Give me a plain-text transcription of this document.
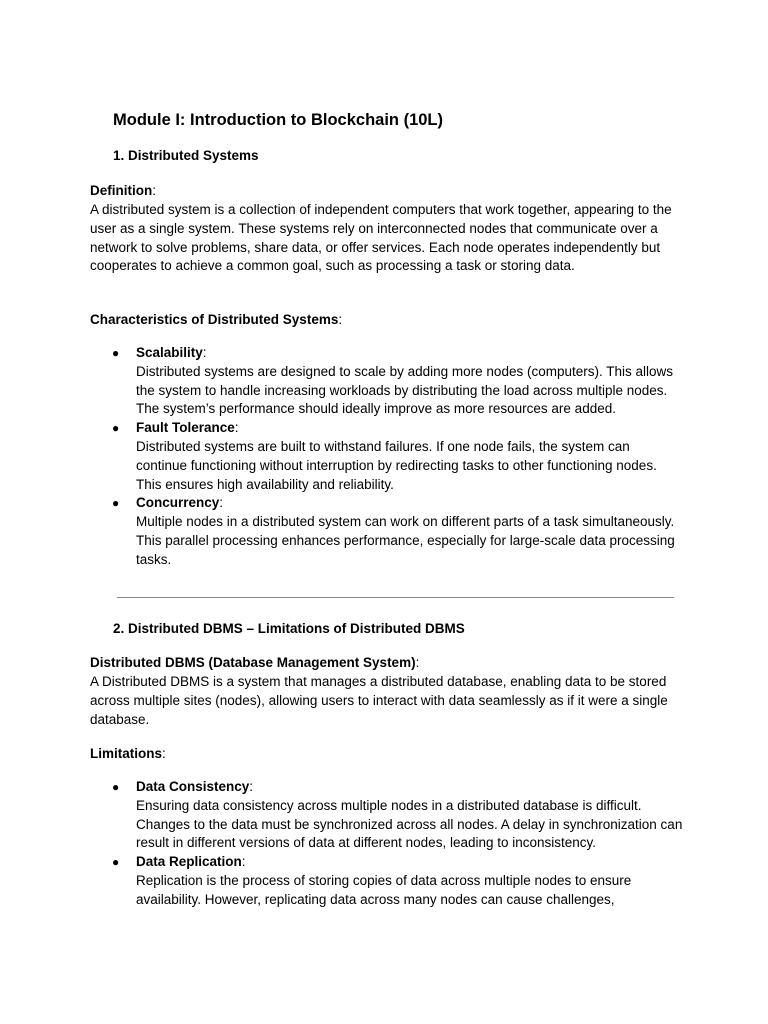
Module I: Introduction to Blockchain (10L)
1. Distributed Systems

Definition:

A distributed system is a collection of independent computers that work together, appearing to the user as a single system. These systems rely on interconnected nodes that communicate over a network to solve problems, share data, or offer services. Each node operates independently but cooperates to achieve a common goal, such as processing a task or storing data.

Characteristics of Distributed Systems:

● Scalability:
Distributed systems are designed to scale by adding more nodes (computers). This allows the system to handle increasing workloads by distributing the load across multiple nodes. The system’s performance should ideally improve as more resources are added.
● Fault Tolerance:
Distributed systems are built to withstand failures. If one node fails, the system can continue functioning without interruption by redirecting tasks to other functioning nodes. This ensures high availability and reliability.
● Concurrency:
Multiple nodes in a distributed system can work on different parts of a task simultaneously. This parallel processing enhances performance, especially for large-scale data processing tasks.
2. Distributed DBMS – Limitations of Distributed DBMS

Distributed DBMS (Database Management System):

A Distributed DBMS is a system that manages a distributed database, enabling data to be stored across multiple sites (nodes), allowing users to interact with data seamlessly as if it were a single database.

Limitations:

● Data Consistency:
Ensuring data consistency across multiple nodes in a distributed database is difficult. Changes to the data must be synchronized across all nodes. A delay in synchronization can result in different versions of data at different nodes, leading to inconsistency.
● Data Replication:
Replication is the process of storing copies of data across multiple nodes to ensure availability. However, replicating data across many nodes can cause challenges,
